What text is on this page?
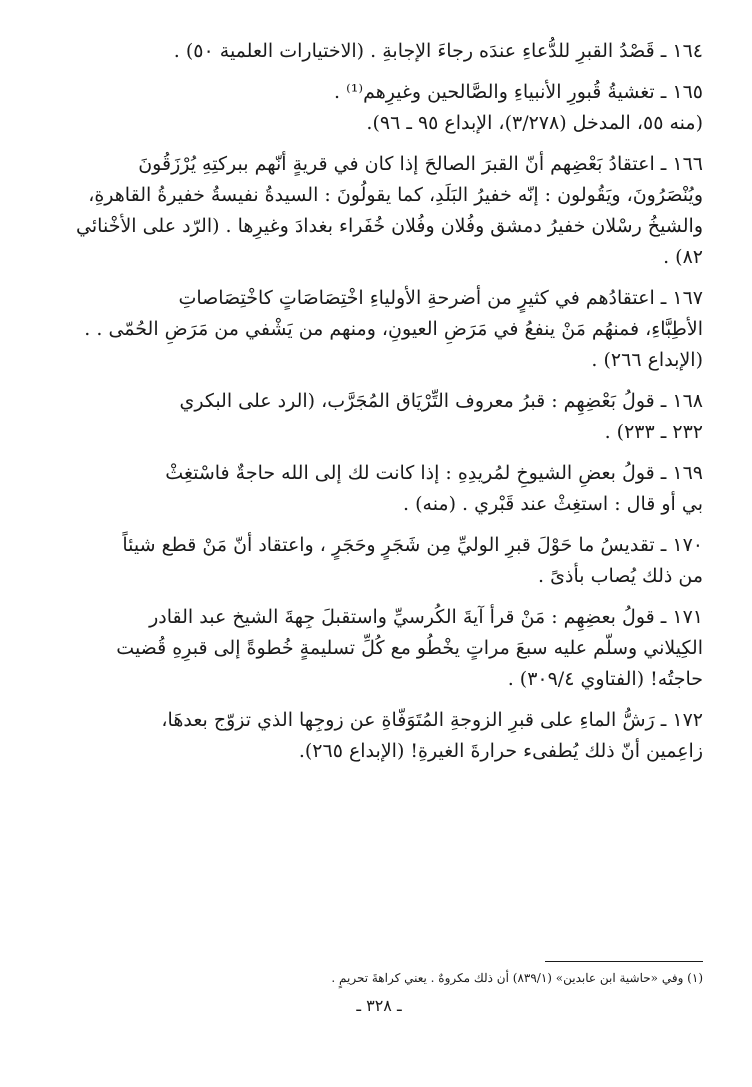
١٦٤ ـ قَصْدُ القبرِ للدُّعاءِ عندَه رجاءَ الإجابةِ . (الاختيارات العلمية ٥٠) .

١٦٥ ـ تغشيةُ قُبورِ الأنبياءِ والصَّالحين وغيرِهم⁽¹⁾ .
(منه ٥٥، المدخل (٣/٢٧٨)، الإبداع ٩٥ ـ ٩٦).

١٦٦ ـ اعتقادُ بَعْضِهم أنّ القبرَ الصالحَ إذا كان في قريةٍ أنّهم ببركتِهِ يُرْزَقُونَ
ويُنْصَرُونَ، ويَقُولون : إنّه خفيرُ البَلَدِ، كما يقولُونَ : السيدةُ نفيسةُ خفيرةُ القاهرةِ،
والشيخُ رسْلان خفيرُ دمشق وفُلان وفُلان خُفَراء بغدادَ وغيرِها . (الرّد على الأخْنائي
٨٢) .

١٦٧ ـ اعتقادُهم في كثيرٍ من أضرحةِ الأولياءِ اخْتِصَاصَاتٍ كاخْتِصَاصاتِ
الأطِبَّاءِ، فمنهُم مَنْ ينفعُ في مَرَضِ العيونِ، ومنهم من يَشْفي من مَرَضِ الحُمّى . .
(الإبداع ٢٦٦) .

١٦٨ ـ قولُ بَعْضِهِم : قبرُ معروف التِّرْيَاق المُجَرَّب، (الرد على البكري
٢٣٢ ـ ٢٣٣) .

١٦٩ ـ قولُ بعضِ الشيوخِ لمُريدِهِ : إذا كانت لك إلى الله حاجةٌ فاسْتغِثْ
بي أو قال : استغِثْ عند قَبْري . (منه) .

١٧٠ ـ تقديسُ ما حَوْلَ قبرِ الوليِّ مِن شَجَرٍ وحَجَرٍ ، واعتقاد أنّ مَنْ قطع شيئاً
من ذلك يُصاب بأذىً .

١٧١ ـ قولُ بعضِهِم : مَنْ قرأ آيةَ الكُرسيِّ واستقبلَ جِهةَ الشيخ عبد القادر
الكِيلاني وسلّم عليه سبعَ مراتٍ يخْطُو مع كُلِّ تسليمةٍ خُطوةً إلى قبرِهِ قُضيت
حاجتُه! (الفتاوي ٣٠٩/٤) .

١٧٢ ـ رَشُّ الماءِ على قبرِ الزوجةِ المُتَوَفّاةِ عن زوجِها الذي تزوّج بعدهَا،
زاعِمين أنّ ذلك يُطفىء حرارةَ الغيرةِ! (الإبداع ٢٦٥).

(١) وفي «حاشية ابن عابدين» (٨٣٩/١) أن ذلك مكروهٌ . يعني كراهةَ تحريمٍ .
ـ ٣٢٨ ـ
